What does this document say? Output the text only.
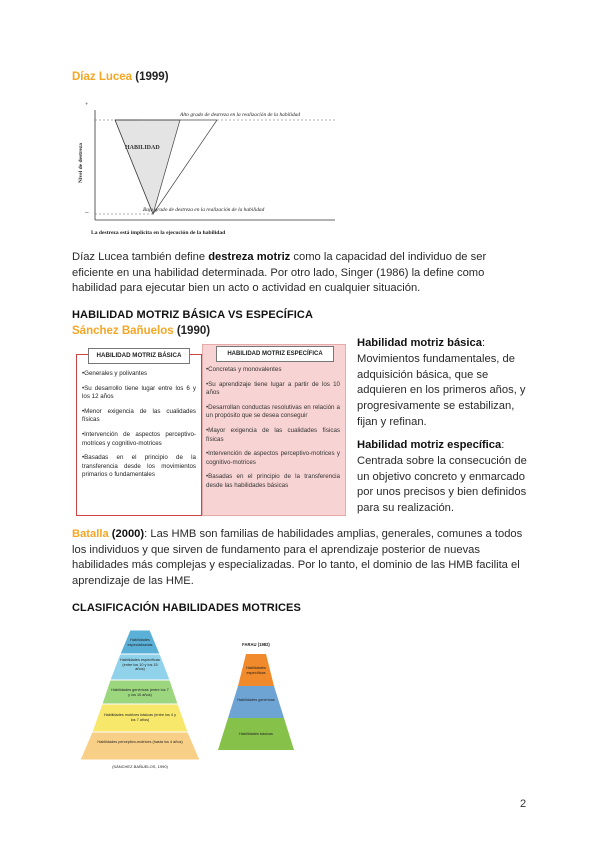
Díaz Lucea (1999)
+
–
Nivel de destreza
Alto grado de destreza en la realización de la habilidad
HABILIDAD
Bajo grado de destreza en la realización de la habilidad
La destreza está implícita en la ejecución de la habilidad
Díaz Lucea también define destreza motriz como la capacidad del individuo de ser eficiente en una habilidad determinada. Por otro lado, Singer (1986) la define como habilidad para ejecutar bien un acto o actividad en cualquier situación.
HABILIDAD MOTRIZ BÁSICA VS ESPECÍFICA
Sánchez Bañuelos (1990)
HABILIDAD MOTRIZ BÁSICA
•Generales y polivantes
•Su desarrollo tiene lugar entre los 6 y los 12 años
•Menor exigencia de las cualidades físicas
•Intervención de aspectos perceptivo-motrices y cognitivo-motrices
•Basadas en el principio de la transferencia desde los movimientos primarios o fundamentales
HABILIDAD MOTRIZ ESPECÍFICA
•Concretas y monovalentes
•Su aprendizaje tiene lugar a partir de los 10 años
•Desarrollan conductas resolutivas en relación a un propósito que se desea conseguir
•Mayor exigencia de las cualidades físicas físicas
•Intervención de aspectos perceptivo-motrices y cognitivo-motrices
•Basadas en el principio de la transferencia desde las habilidades básicas
Habilidad motriz básica:
Movimientos fundamentales, de adquisición básica, que se adquieren en los primeros años, y progresivamente se estabilizan, fijan y refinan.
Habilidad motriz específica:
Centrada sobre la consecución de un objetivo concreto y enmarcado por unos precisos y bien definidos para su realización.
Batalla (2000): Las HMB son familias de habilidades amplias, generales, comunes a todos los individuos y que sirven de fundamento para el aprendizaje posterior de nuevas habilidades más complejas y especializadas. Por lo tanto, el dominio de las HMB facilita el aprendizaje de las HME.
CLASIFICACIÓN HABILIDADES MOTRICES
Habilidades especializadas
Habilidades específicas (entre los 10 y los 15 años)
Habilidades genéricas (entre los 7 y los 10 años)
Habilidades motrices básicas (entre los 4 y los 7 años)
Habilidades perceptivo-motrices (hasta los 4 años)
(SÁNCHEZ BAÑUELOS, 1990)
FARAU (1982)
Habilidades específicas
Habilidades genéricas
Habilidades básicas
2
